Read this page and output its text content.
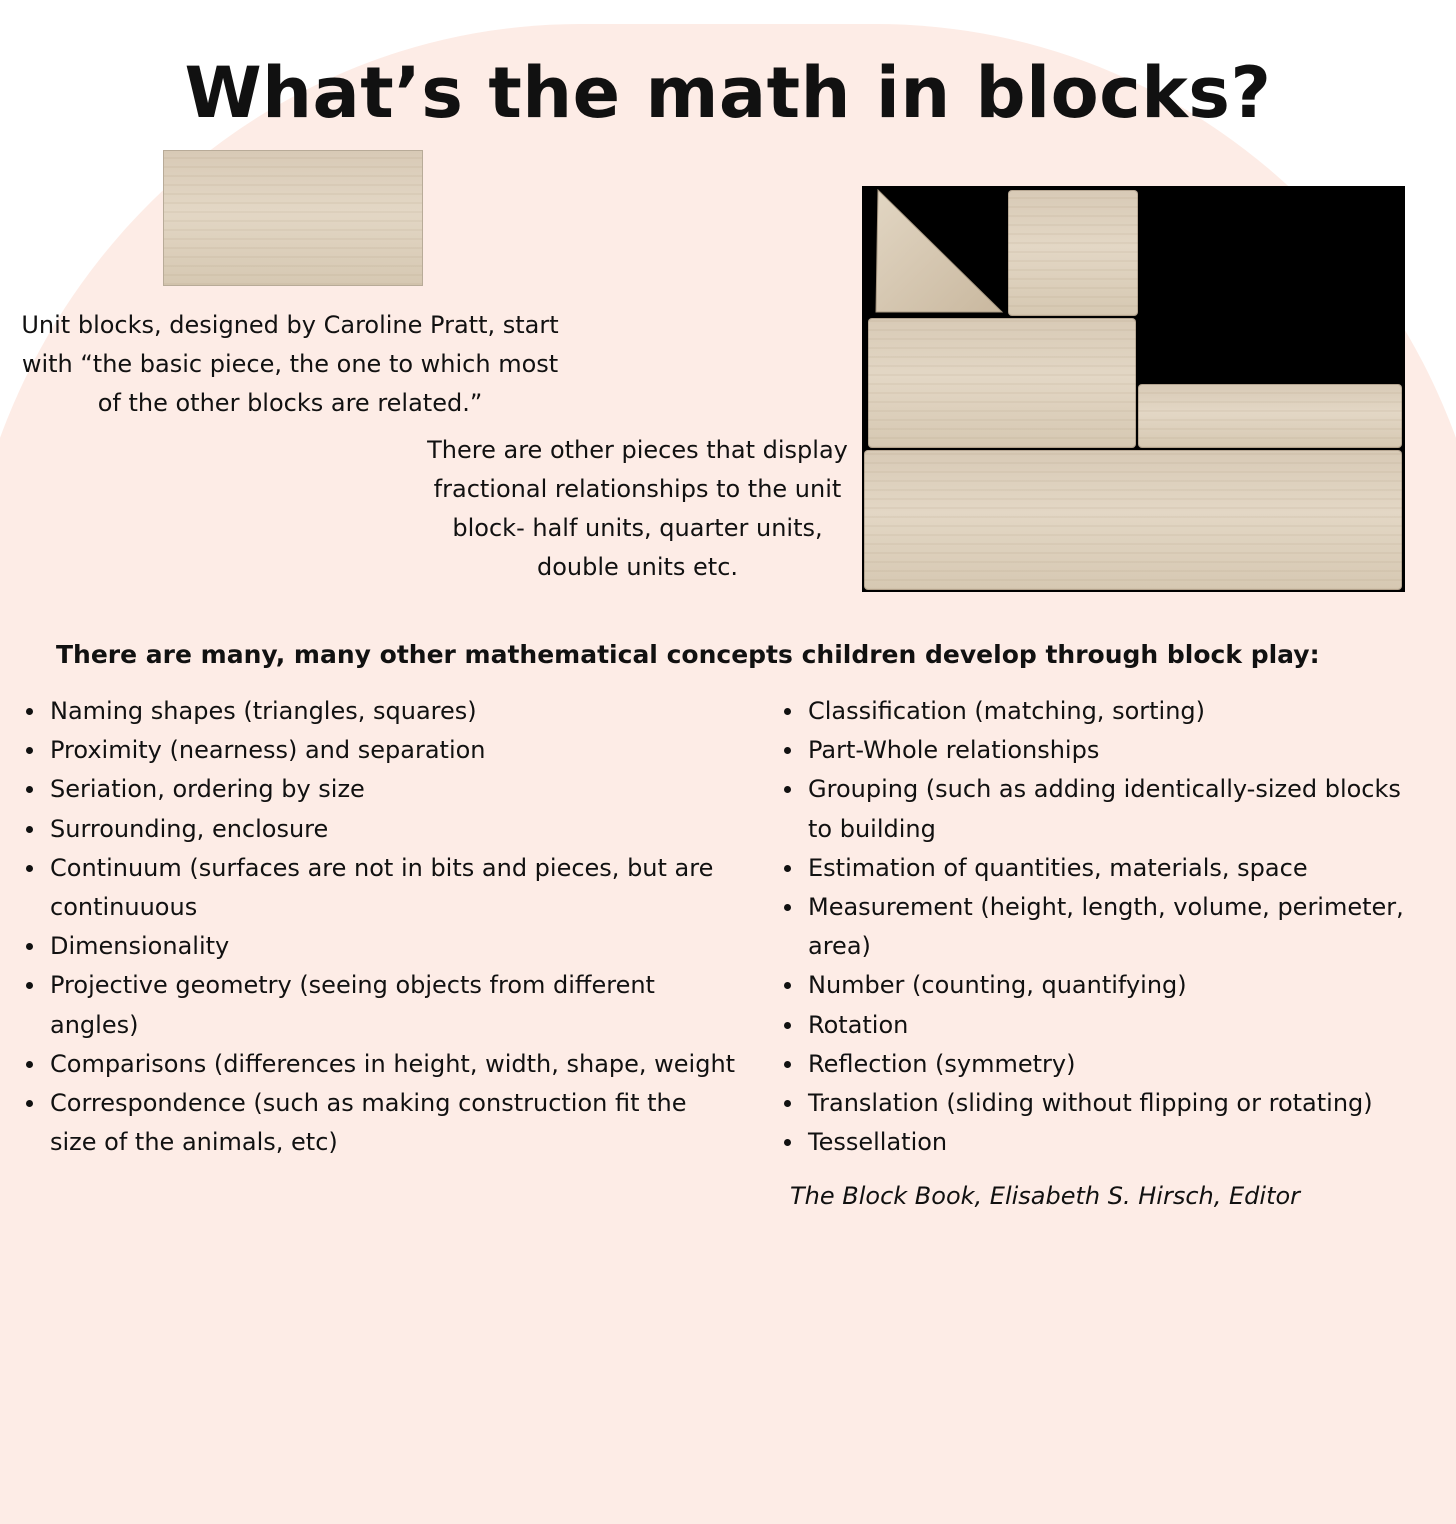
What’s the math in blocks?

Unit blocks, designed by Caroline Pratt, start with “the basic piece, the one to which most of the other blocks are related.”

There are other pieces that display fractional relationships to the unit block- half units, quarter units, double units etc.

There are many, many other mathematical concepts children develop through block play:
Naming shapes (triangles, squares)
Proximity (nearness) and separation
Seriation, ordering by size
Surrounding, enclosure
Continuum (surfaces are not in bits and pieces, but are continuuous
Dimensionality
Projective geometry (seeing objects from different angles)
Comparisons (differences in height, width, shape, weight
Correspondence (such as making construction fit the size of the animals, etc)
Classification (matching, sorting)
Part-Whole relationships
Grouping (such as adding identically-sized blocks to building
Estimation of quantities, materials, space
Measurement (height, length, volume, perimeter, area)
Number (counting, quantifying)
Rotation
Reflection (symmetry)
Translation (sliding without flipping or rotating)
Tessellation

The Block Book, Elisabeth S. Hirsch, Editor
